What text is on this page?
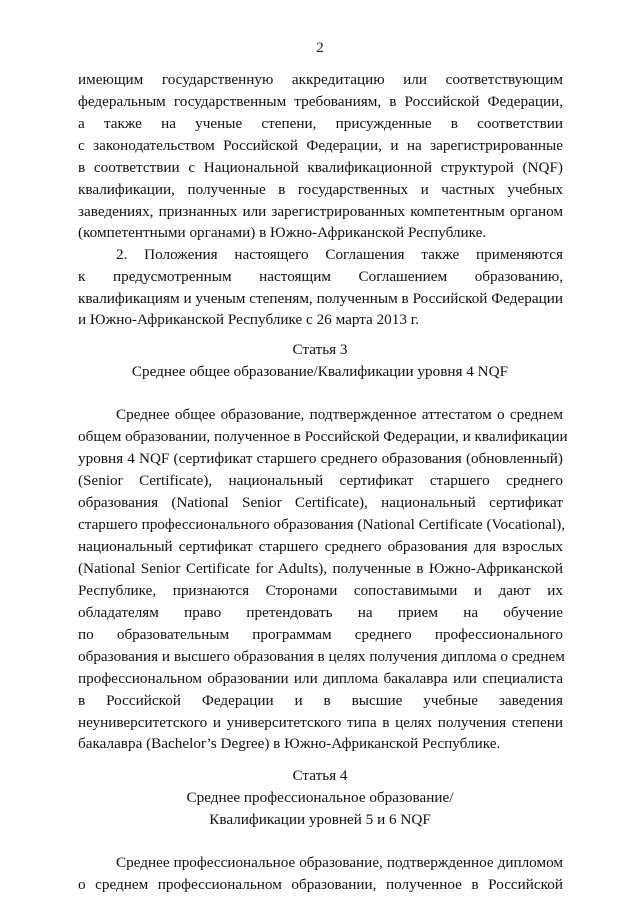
2
имеющим государственную аккредитацию или соответствующим
федеральным государственным требованиям, в Российской Федерации,
а также на ученые степени, присужденные в соответствии
с законодательством Российской Федерации, и на зарегистрированные
в соответствии с Национальной квалификационной структурой (NQF)
квалификации, полученные в государственных и частных учебных
заведениях, признанных или зарегистрированных компетентным органом
(компетентными органами) в Южно-Африканской Республике.
2. Положения настоящего Соглашения также применяются
к предусмотренным настоящим Соглашением образованию,
квалификациям и ученым степеням, полученным в Российской Федерации
и Южно-Африканской Республике с 26 марта 2013 г.
Статья 3
Среднее общее образование/Квалификации уровня 4 NQF
Среднее общее образование, подтвержденное аттестатом о среднем
общем образовании, полученное в Российской Федерации, и квалификации
уровня 4 NQF (сертификат старшего среднего образования (обновленный)
(Senior Certificate), национальный сертификат старшего среднего
образования (National Senior Certificate), национальный сертификат
старшего профессионального образования (National Certificate (Vocational),
национальный сертификат старшего среднего образования для взрослых
(National Senior Certificate for Adults), полученные в Южно-Африканской
Республике, признаются Сторонами сопоставимыми и дают их
обладателям право претендовать на прием на обучение
по образовательным программам среднего профессионального
образования и высшего образования в целях получения диплома о среднем
профессиональном образовании или диплома бакалавра или специалиста
в Российской Федерации и в высшие учебные заведения
неуниверситетского и университетского типа в целях получения степени
бакалавра (Bachelor’s Degree) в Южно-Африканской Республике.
Статья 4
Среднее профессиональное образование/
Квалификации уровней 5 и 6 NQF
Среднее профессиональное образование, подтвержденное дипломом
о среднем профессиональном образовании, полученное в Российской
